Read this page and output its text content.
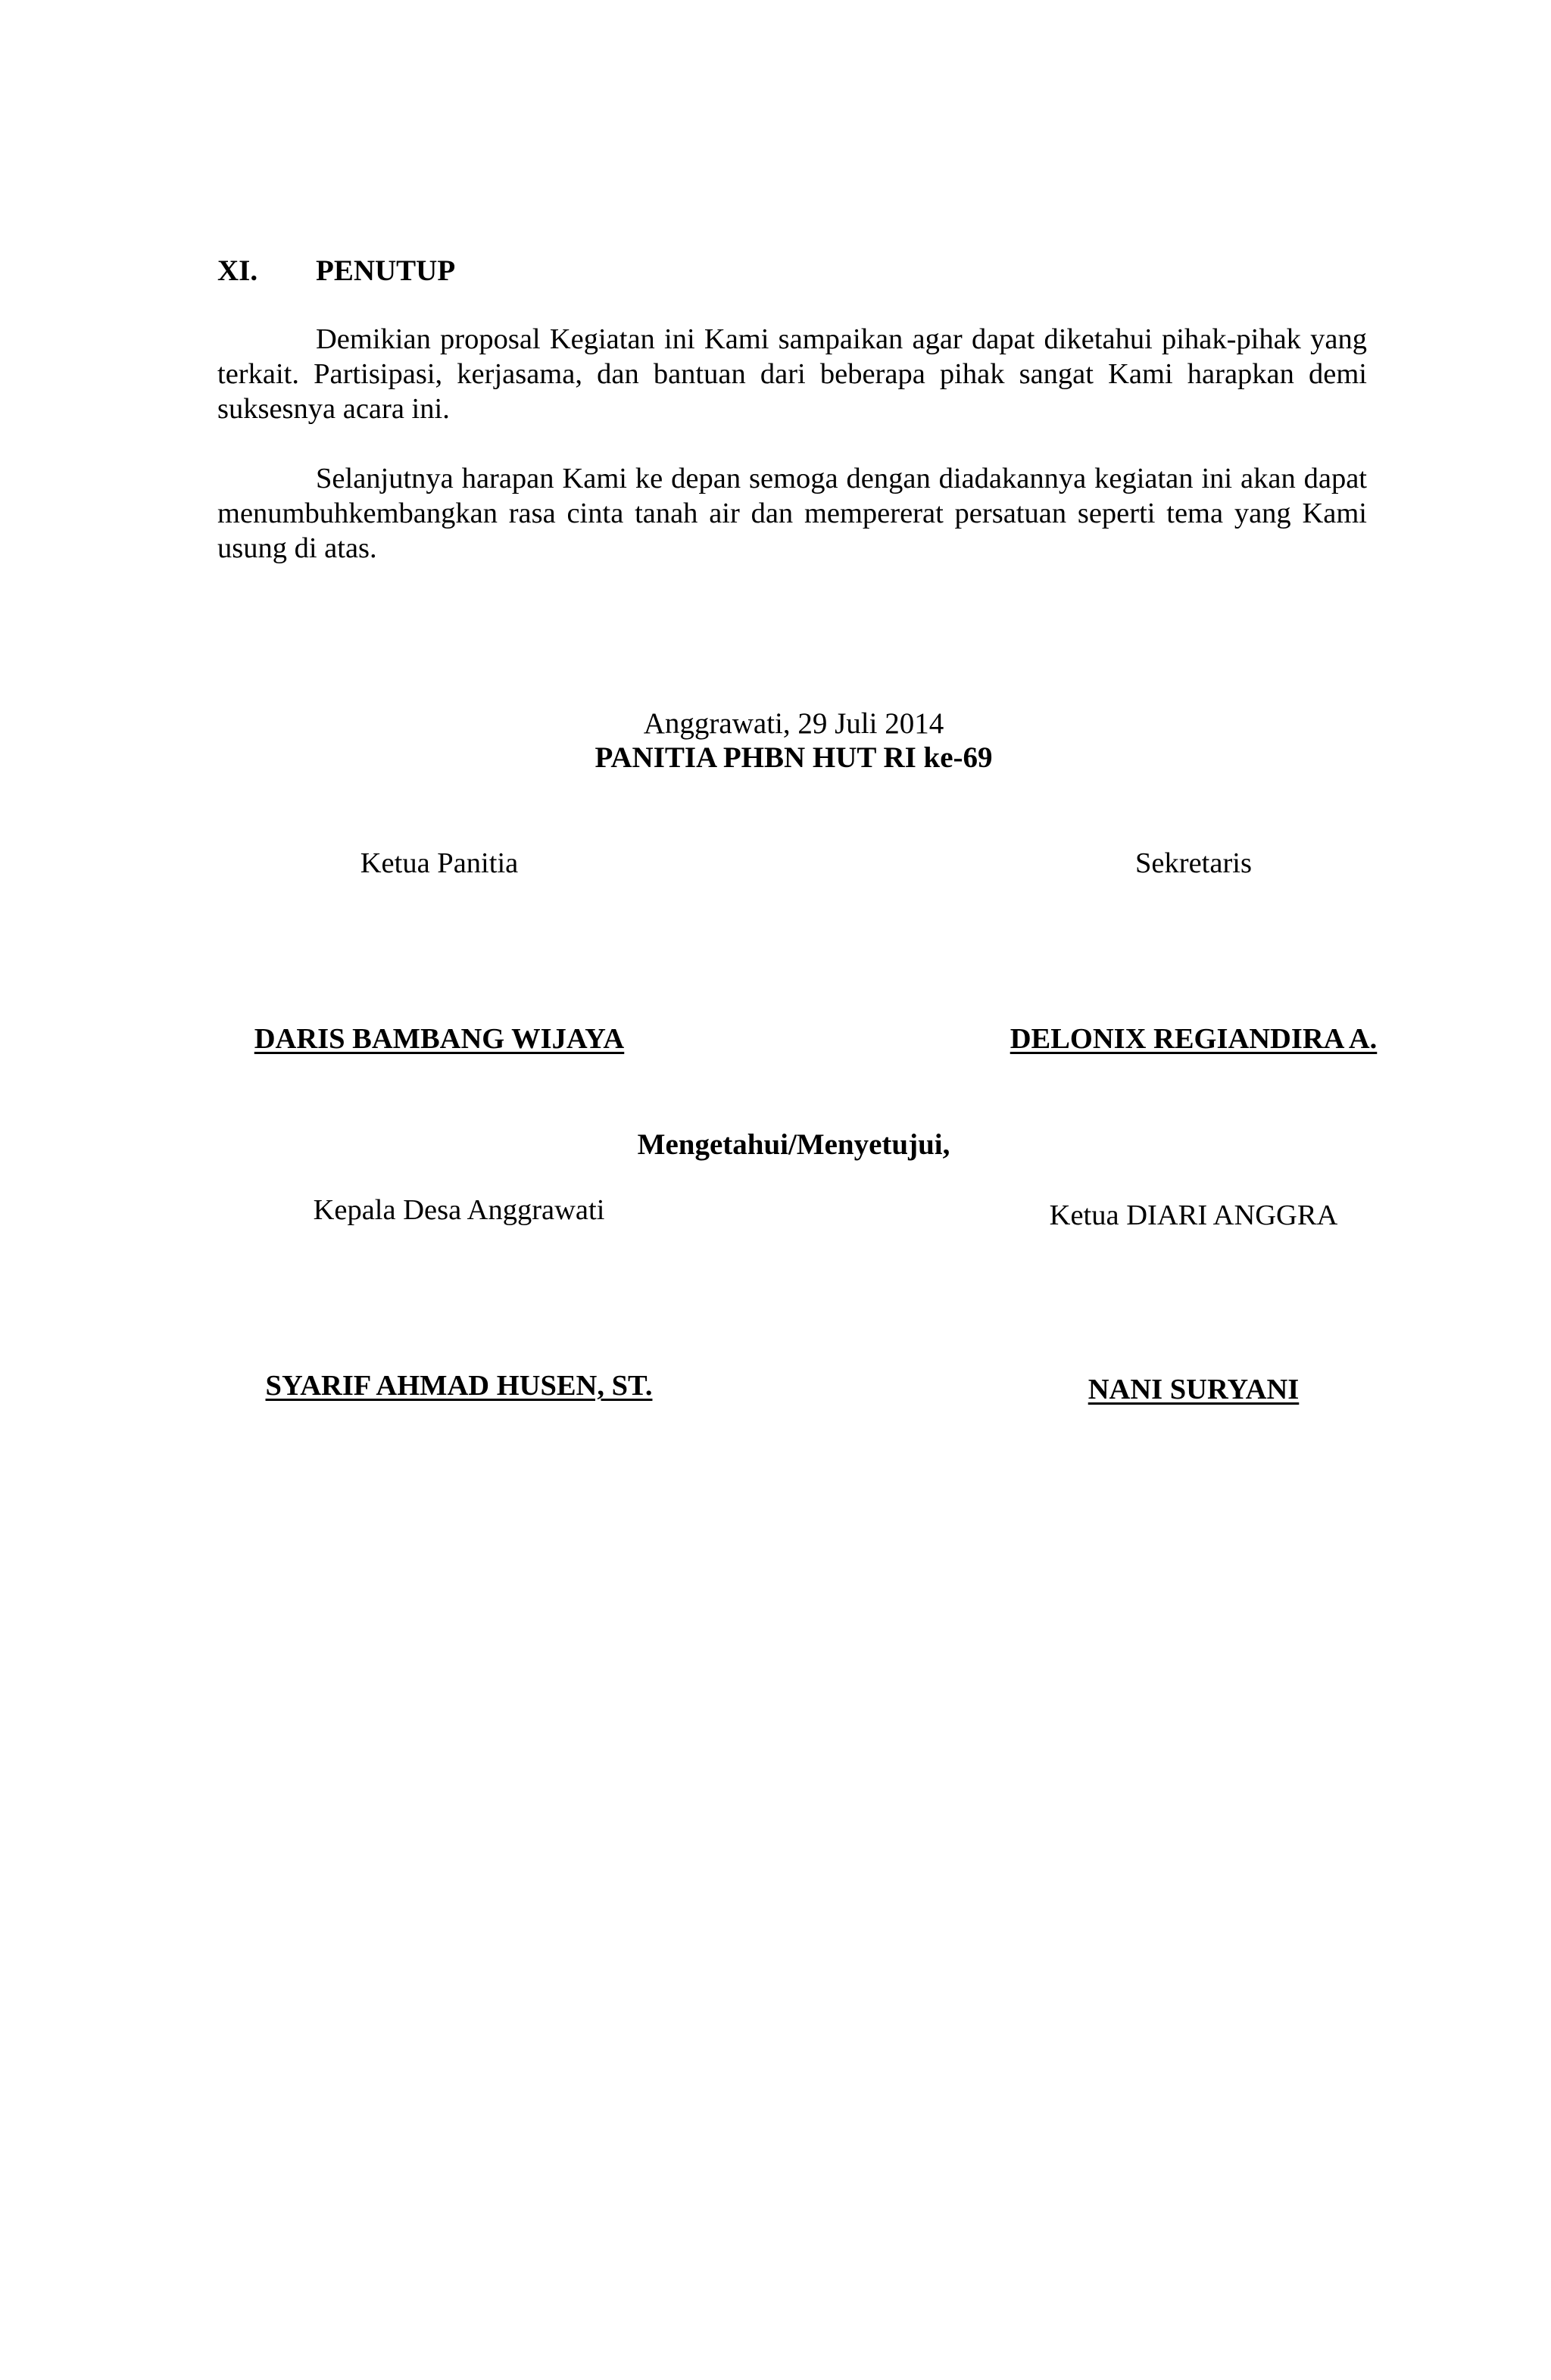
XI. PENUTUP

Demikian proposal Kegiatan ini Kami sampaikan agar dapat diketahui pihak-pihak yang terkait. Partisipasi, kerjasama, dan bantuan dari beberapa pihak sangat Kami harapkan demi suksesnya acara ini.

Selanjutnya harapan Kami ke depan semoga dengan diadakannya kegiatan ini akan dapat menumbuhkembangkan rasa cinta tanah air dan mempererat persatuan seperti tema yang Kami usung di atas.

Anggrawati, 29 Juli 2014
PANITIA PHBN HUT RI ke-69
Ketua Panitia	Sekretaris
DARIS BAMBANG WIJAYA	DELONIX REGIANDIRA A.
Mengetahui/Menyetujui,
Kepala Desa Anggrawati	Ketua DIARI ANGGRA
SYARIF AHMAD HUSEN, ST.	NANI SURYANI
